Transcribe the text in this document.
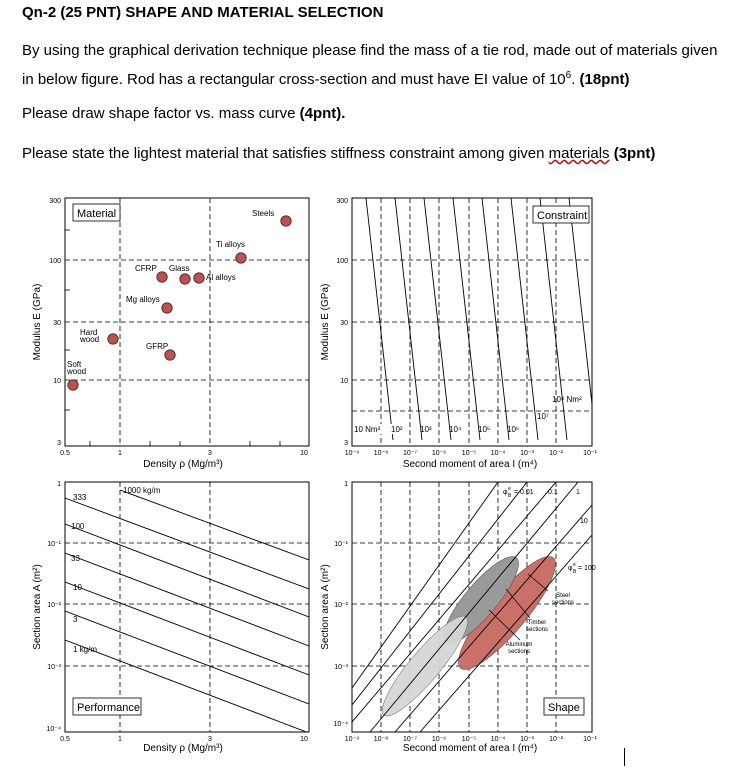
Qn-2 (25 PNT) SHAPE AND MATERIAL SELECTION
By using the graphical derivation technique please find the mass of a tie rod, made out of materials given in below figure. Rod has a rectangular cross-section and must have EI value of $10^6$. (18pnt)
Please draw shape factor vs. mass curve (4pnt).
Please state the lightest material that satisfies stiffness constraint among given materials (3pnt)
Material
300
100
30
10
3
0.5	1	3	10
Modulus E (GPa)
Density ρ (Mg/m³)
Steels
Ti alloys
Al alloys
CFRP Glass
Mg alloys
GFRP
Hard
wood
Soft
wood
Constraint
10 Nm² 10² 10³ 10⁴ 10⁵ 10⁶
10⁷
10⁸ Nm²
300
100
30
10
3
10⁻⁹ 10⁻⁸ 10⁻⁷ 10⁻⁶ 10⁻⁵ 10⁻⁴ 10⁻³ 10⁻²	10⁻¹
Modulus E (GPa)
Second moment of area I (m⁴)
1000 kg/m
333
100
33
10
3
1 kg/m
Performance
1
10⁻¹
10⁻²
10⁻³
10⁻⁴
0.5	1	3	10
Section area A (m²)
Density ρ (Mg/m³)
Shape
φ e
B = 0.01 0.1	1
10
φ e
B = 100
Steel
sections
Timber
sections
Aluminum
sections
1
10⁻¹
10⁻²
10⁻³
10⁻⁴
10⁻⁹ 10⁻⁸ 10⁻⁷ 10⁻⁶ 10⁻⁵ 10⁻⁴ 10⁻³ 10⁻²	10⁻¹
Section area A (m²)
Second moment of area I (m⁴)
